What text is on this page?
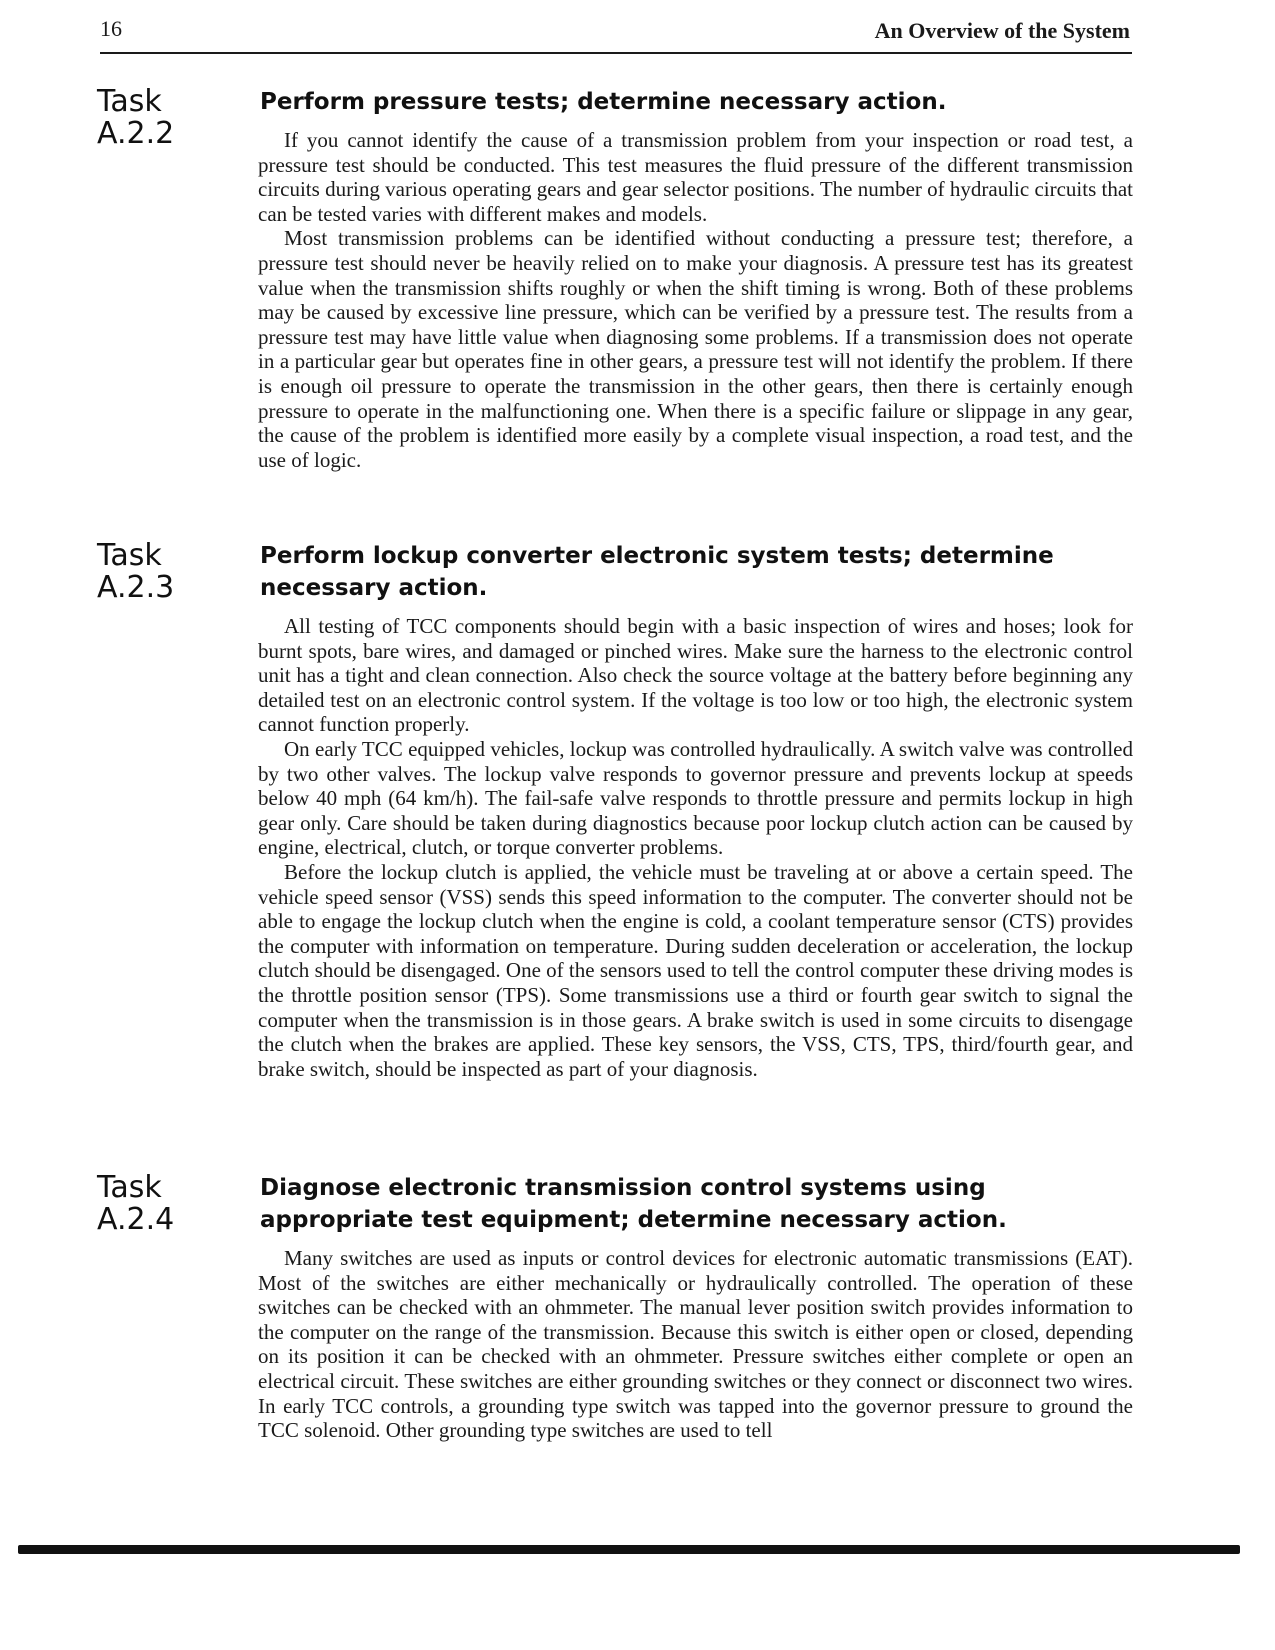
16	An Overview of the System
Task
A.2.2
Perform pressure tests; determine necessary action.

If you cannot identify the cause of a transmission problem from your inspection or road test, a pressure test should be conducted. This test measures the fluid pressure of the different transmission circuits during various operating gears and gear selector positions. The number of hydraulic circuits that can be tested varies with different makes and models.

Most transmission problems can be identified without conducting a pressure test; therefore, a pressure test should never be heavily relied on to make your diagnosis. A pressure test has its greatest value when the transmission shifts roughly or when the shift timing is wrong. Both of these problems may be caused by excessive line pressure, which can be verified by a pressure test. The results from a pressure test may have little value when diagnosing some problems. If a transmission does not operate in a particular gear but operates fine in other gears, a pressure test will not identify the problem. If there is enough oil pressure to operate the transmission in the other gears, then there is certainly enough pressure to operate in the malfunctioning one. When there is a specific failure or slippage in any gear, the cause of the problem is identified more easily by a complete visual inspection, a road test, and the use of logic.

Task
A.2.3
Perform lockup converter electronic system tests; determine necessary action.

All testing of TCC components should begin with a basic inspection of wires and hoses; look for burnt spots, bare wires, and damaged or pinched wires. Make sure the harness to the electronic control unit has a tight and clean connection. Also check the source voltage at the battery before beginning any detailed test on an electronic control system. If the voltage is too low or too high, the electronic system cannot function properly.

On early TCC equipped vehicles, lockup was controlled hydraulically. A switch valve was controlled by two other valves. The lockup valve responds to governor pressure and prevents lockup at speeds below 40 mph (64 km/h). The fail-safe valve responds to throttle pressure and permits lockup in high gear only. Care should be taken during diagnostics because poor lockup clutch action can be caused by engine, electrical, clutch, or torque converter problems.

Before the lockup clutch is applied, the vehicle must be traveling at or above a certain speed. The vehicle speed sensor (VSS) sends this speed information to the computer. The converter should not be able to engage the lockup clutch when the engine is cold, a coolant temperature sensor (CTS) provides the computer with information on temperature. During sudden deceleration or acceleration, the lockup clutch should be disengaged. One of the sensors used to tell the control computer these driving modes is the throttle position sensor (TPS). Some transmissions use a third or fourth gear switch to signal the computer when the transmission is in those gears. A brake switch is used in some circuits to disengage the clutch when the brakes are applied. These key sensors, the VSS, CTS, TPS, third/fourth gear, and brake switch, should be inspected as part of your diagnosis.

Task
A.2.4
Diagnose electronic transmission control systems using appropriate test equipment; determine necessary action.

Many switches are used as inputs or control devices for electronic automatic transmissions (EAT). Most of the switches are either mechanically or hydraulically controlled. The operation of these switches can be checked with an ohmmeter. The manual lever position switch provides information to the computer on the range of the transmission. Because this switch is either open or closed, depending on its position it can be checked with an ohmmeter. Pressure switches either complete or open an electrical circuit. These switches are either grounding switches or they connect or disconnect two wires. In early TCC controls, a grounding type switch was tapped into the governor pressure to ground the TCC solenoid. Other grounding type switches are used to tell
